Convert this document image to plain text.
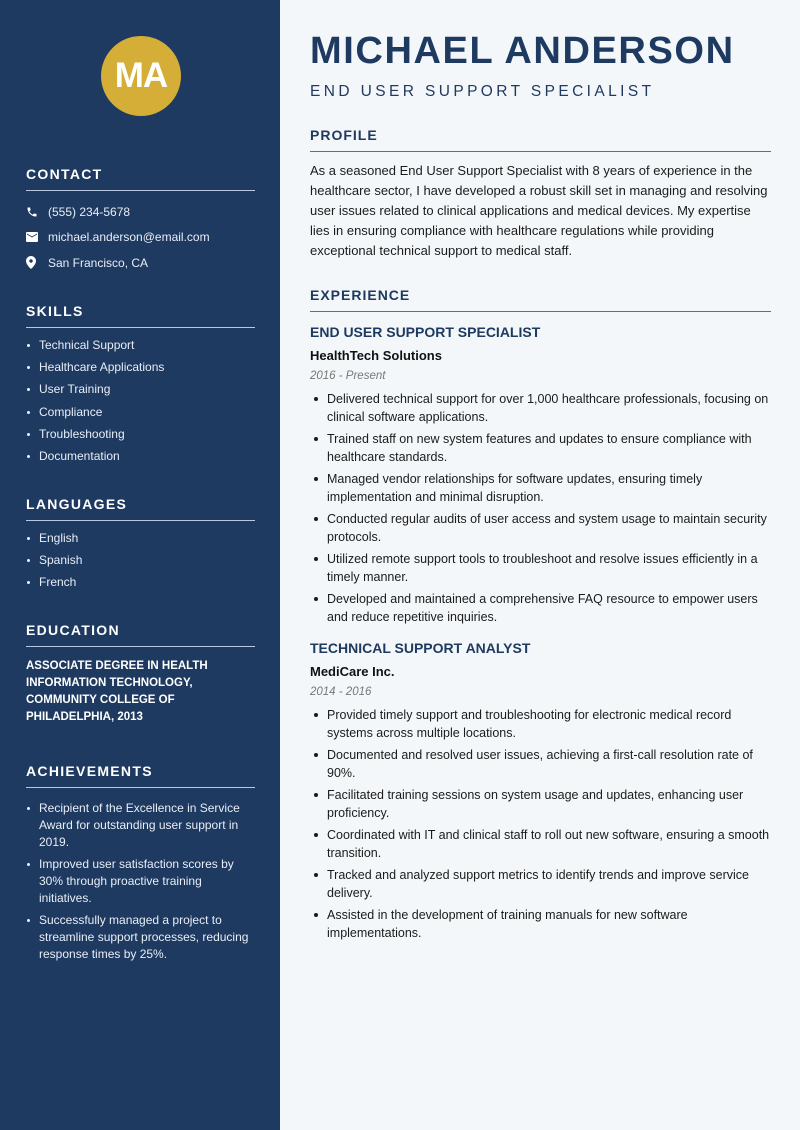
MA
CONTACT
(555) 234-5678
michael.anderson@email.com
San Francisco, CA
SKILLS
Technical Support
Healthcare Applications
User Training
Compliance
Troubleshooting
Documentation
LANGUAGES
English
Spanish
French
EDUCATION

ASSOCIATE DEGREE IN HEALTH INFORMATION TECHNOLOGY, COMMUNITY COLLEGE OF PHILADELPHIA, 2013

ACHIEVEMENTS
Recipient of the Excellence in Service Award for outstanding user support in 2019.
Improved user satisfaction scores by 30% through proactive training initiatives.
Successfully managed a project to streamline support processes, reducing response times by 25%.
MICHAEL ANDERSON
END USER SUPPORT SPECIALIST
PROFILE

As a seasoned End User Support Specialist with 8 years of experience in the healthcare sector, I have developed a robust skill set in managing and resolving user issues related to clinical applications and medical devices. My expertise lies in ensuring compliance with healthcare regulations while providing exceptional technical support to medical staff.

EXPERIENCE
END USER SUPPORT SPECIALIST
HealthTech Solutions
2016 - Present
Delivered technical support for over 1,000 healthcare professionals, focusing on clinical software applications.
Trained staff on new system features and updates to ensure compliance with healthcare standards.
Managed vendor relationships for software updates, ensuring timely implementation and minimal disruption.
Conducted regular audits of user access and system usage to maintain security protocols.
Utilized remote support tools to troubleshoot and resolve issues efficiently in a timely manner.
Developed and maintained a comprehensive FAQ resource to empower users and reduce repetitive inquiries.
TECHNICAL SUPPORT ANALYST
MediCare Inc.
2014 - 2016
Provided timely support and troubleshooting for electronic medical record systems across multiple locations.
Documented and resolved user issues, achieving a first-call resolution rate of 90%.
Facilitated training sessions on system usage and updates, enhancing user proficiency.
Coordinated with IT and clinical staff to roll out new software, ensuring a smooth transition.
Tracked and analyzed support metrics to identify trends and improve service delivery.
Assisted in the development of training manuals for new software implementations.
